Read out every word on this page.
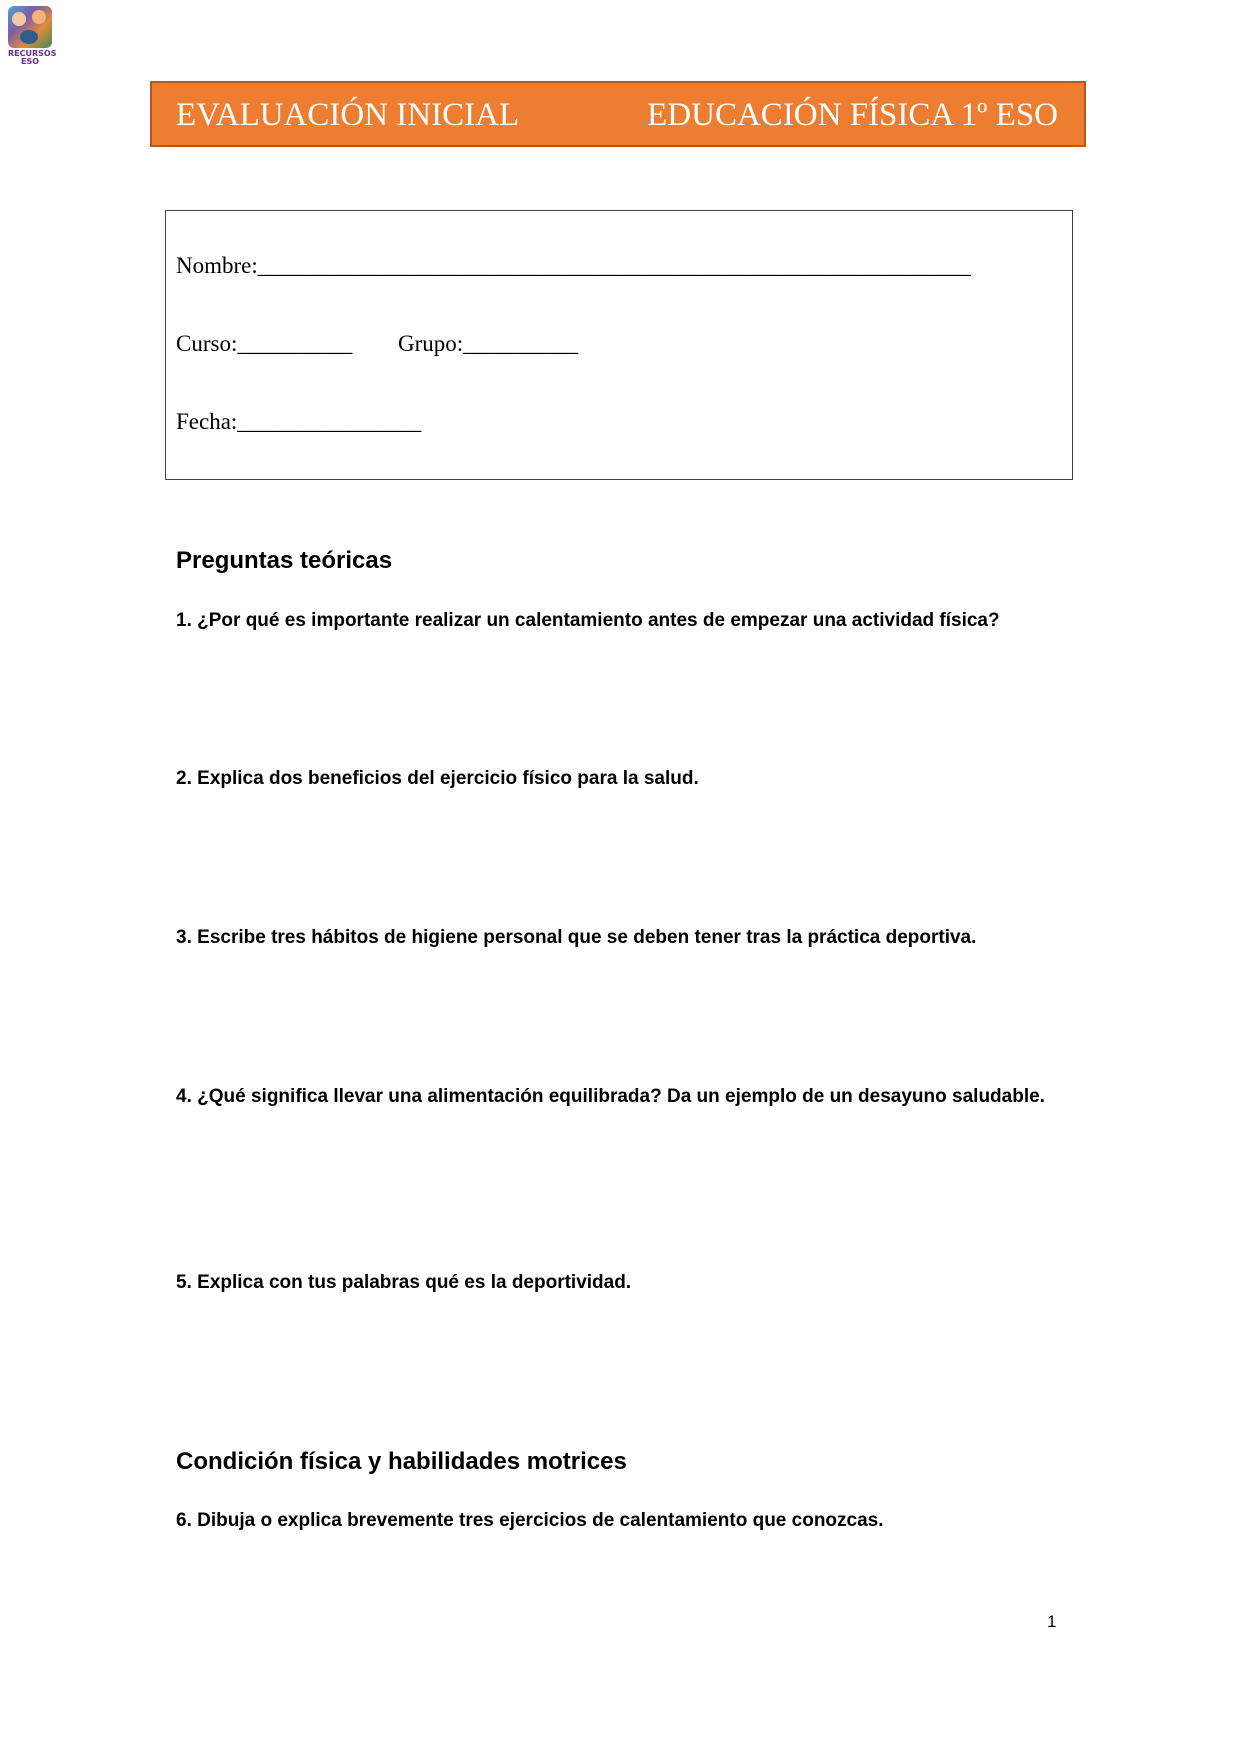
RECURSOS ESO
EVALUACIÓN INICIAL	EDUCACIÓN FÍSICA 1º ESO
Nombre:______________________________________________________________
Curso:__________ Grupo:__________
Fecha:________________
Preguntas teóricas
1. ¿Por qué es importante realizar un calentamiento antes de empezar una actividad física?
2. Explica dos beneficios del ejercicio físico para la salud.
3. Escribe tres hábitos de higiene personal que se deben tener tras la práctica deportiva.
4. ¿Qué significa llevar una alimentación equilibrada? Da un ejemplo de un desayuno saludable.
5. Explica con tus palabras qué es la deportividad.
Condición física y habilidades motrices
6. Dibuja o explica brevemente tres ejercicios de calentamiento que conozcas.
1
